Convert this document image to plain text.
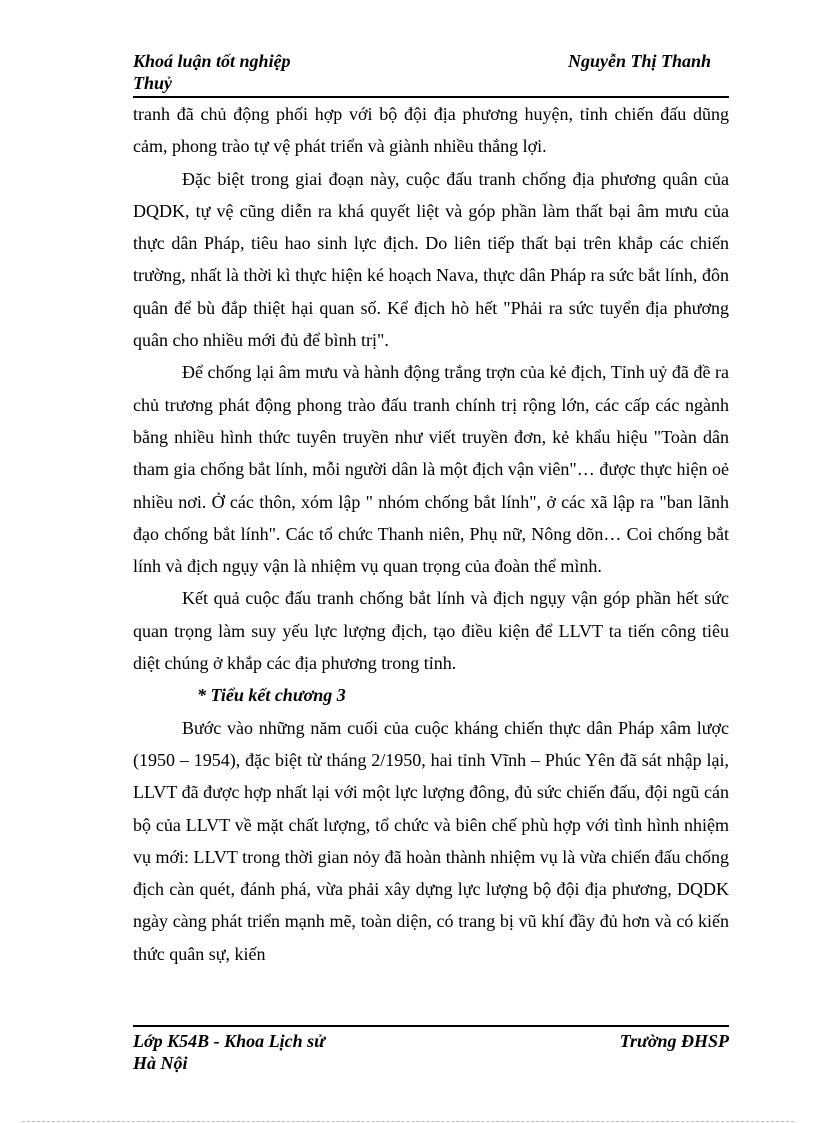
Khoá luận tốt nghiệp	Nguyễn Thị Thanh
Thuỷ

tranh đã chủ động phối hợp với bộ đội địa phương huyện, tỉnh chiến đấu dũng cảm, phong trào tự vệ phát triển và giành nhiều thắng lợi.

Đặc biệt trong giai đoạn này, cuộc đấu tranh chống địa phương quân của DQDK, tự vệ cũng diễn ra khá quyết liệt và góp phần làm thất bại âm mưu của thực dân Pháp, tiêu hao sinh lực địch. Do liên tiếp thất bại trên khắp các chiến trường, nhất là thời kì thực hiện ké hoạch Nava, thực dân Pháp ra sức bắt lính, đôn quân để bù đắp thiệt hại quan số. Kể địch hò hết "Phải ra sức tuyển địa phương quân cho nhiều mới đủ để bình trị".

Để chống lại âm mưu và hành động trắng trợn của kẻ địch, Tỉnh uỷ đã đề ra chủ trương phát động phong trào đấu tranh chính trị rộng lớn, các cấp các ngành bằng nhiều hình thức tuyên truyền như viết truyền đơn, kẻ khẩu hiệu "Toàn dân tham gia chống bắt lính, mỗi người dân là một địch vận viên"… được thực hiện oẻ nhiều nơi. Ở các thôn, xóm lập " nhóm chống bắt lính", ở các xã lập ra "ban lãnh đạo chống bắt lính". Các tổ chức Thanh niên, Phụ nữ, Nông dõn… Coi chống bắt lính và địch ngụy vận là nhiệm vụ quan trọng của đoàn thể mình.

Kết quả cuộc đấu tranh chống bắt lính và địch ngụy vận góp phần hết sức quan trọng làm suy yếu lực lượng địch, tạo điều kiện để LLVT ta tiến công tiêu diệt chúng ở khắp các địa phương trong tỉnh.

* Tiểu kết chương 3

Bước vào những năm cuối của cuộc kháng chiến thực dân Pháp xâm lược (1950 – 1954), đặc biệt từ tháng 2/1950, hai tỉnh Vĩnh – Phúc Yên đã sát nhập lại, LLVT đã được hợp nhất lại với một lực lượng đông, đủ sức chiến đấu, đội ngũ cán bộ của LLVT về mặt chất lượng, tổ chức và biên chế phù hợp với tình hình nhiệm vụ mới: LLVT trong thời gian nỏy đã hoàn thành nhiệm vụ là vừa chiến đấu chống địch càn quét, đánh phá, vừa phải xây dựng lực lượng bộ đội địa phương, DQDK ngày càng phát triển mạnh mẽ, toàn diện, có trang bị vũ khí đầy đủ hơn và có kiến thức quân sự, kiến

Lớp K54B - Khoa Lịch sử	Trường ĐHSP
Hà Nội
